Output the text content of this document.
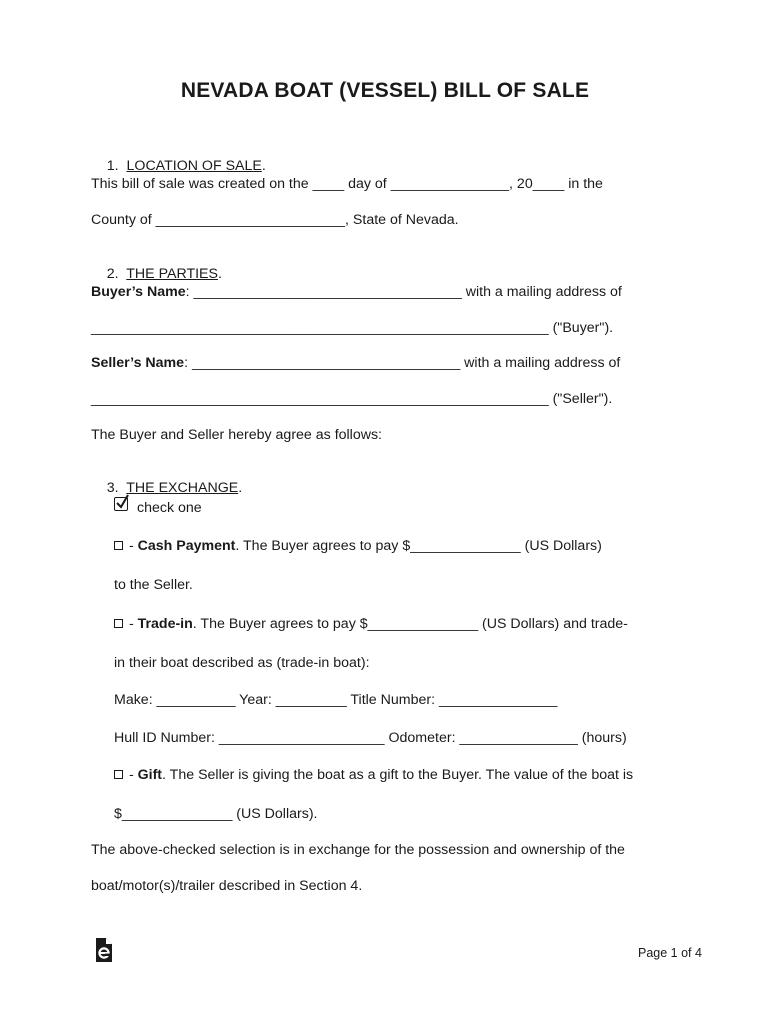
NEVADA BOAT (VESSEL) BILL OF SALE

1. LOCATION OF SALE.

This bill of sale was created on the ____ day of _______________, 20____ in the
County of ________________________, State of Nevada.

2. THE PARTIES.

Buyer’s Name: __________________________________ with a mailing address of
__________________________________________________________ ("Buyer").
Seller’s Name: __________________________________ with a mailing address of
__________________________________________________________ ("Seller").
The Buyer and Seller hereby agree as follows:

3. THE EXCHANGE.

check one
- Cash Payment. The Buyer agrees to pay $______________ (US Dollars)
to the Seller.
- Trade-in. The Buyer agrees to pay $______________ (US Dollars) and trade-
in their boat described as (trade-in boat):
Make: __________ Year: _________ Title Number: _______________
Hull ID Number: _____________________ Odometer: _______________ (hours)
- Gift. The Seller is giving the boat as a gift to the Buyer. The value of the boat is
$______________ (US Dollars).
The above-checked selection is in exchange for the possession and ownership of the
boat/motor(s)/trailer described in Section 4.
Page 1 of 4
